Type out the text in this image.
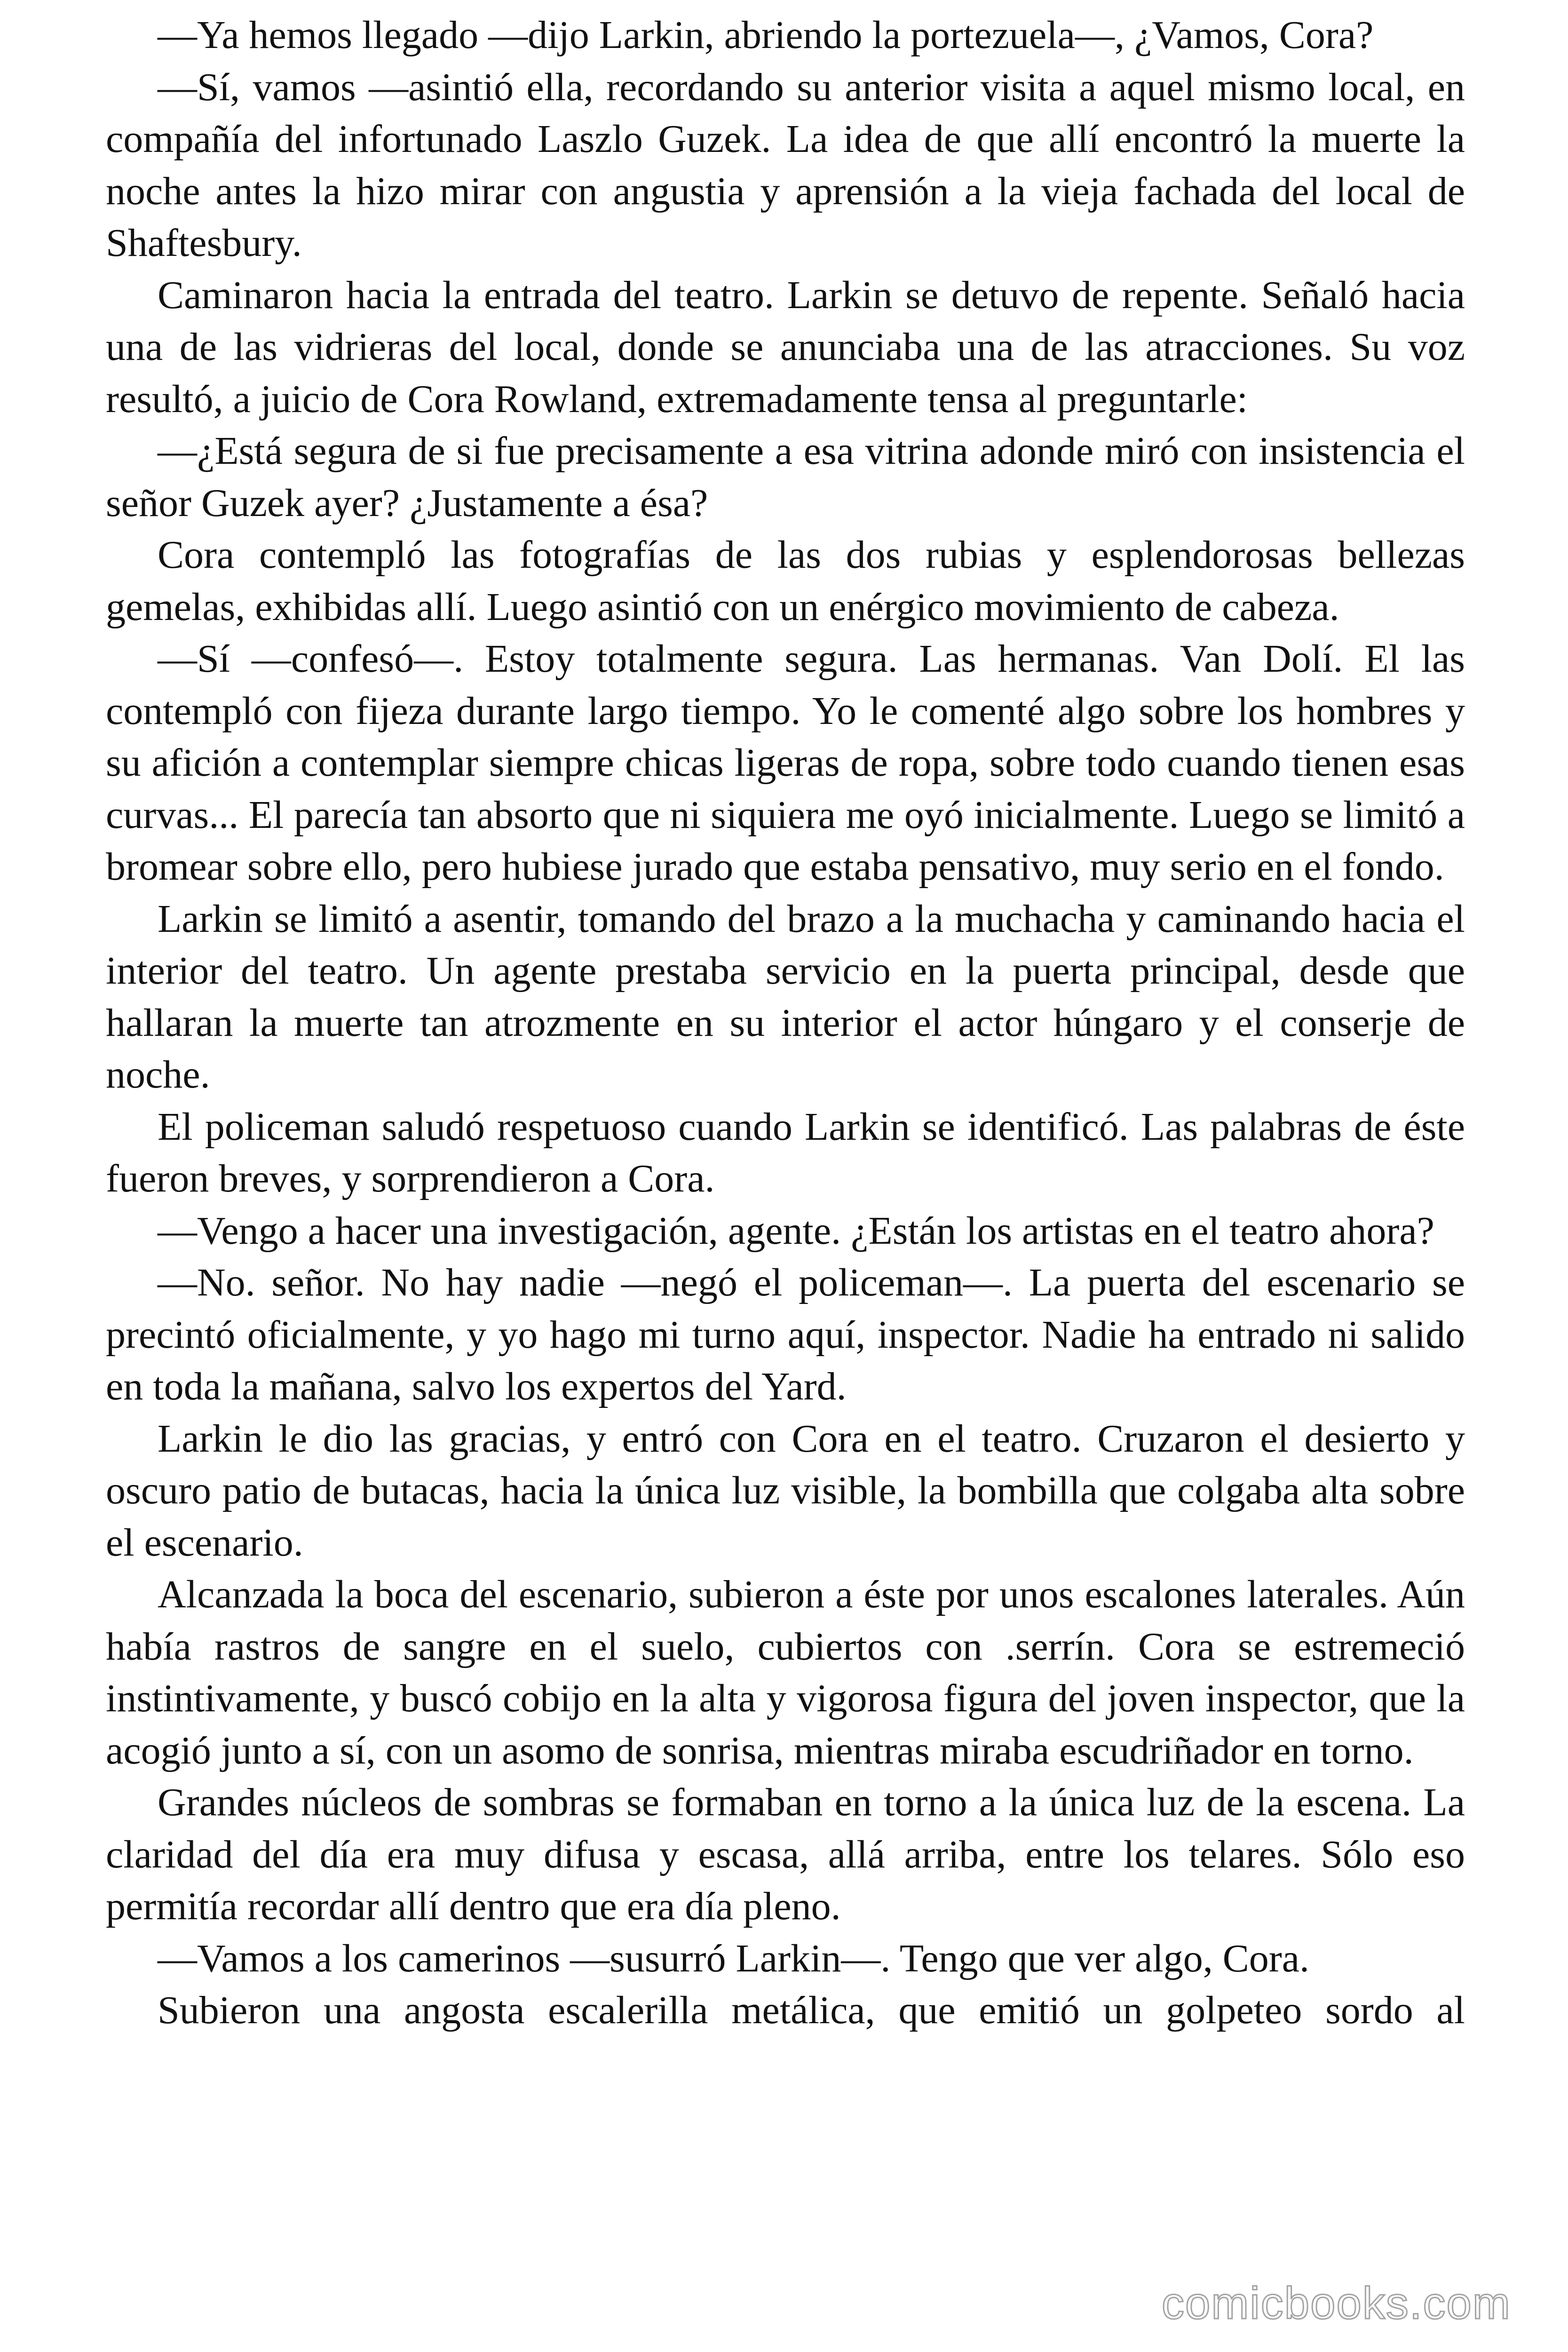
—Ya hemos llegado —dijo Larkin, abriendo la portezuela—, ¿Vamos, Cora?

—Sí, vamos —asintió ella, recordando su anterior visita a aquel mismo local, en compañía del infortunado Laszlo Guzek. La idea de que allí encontró la muerte la noche antes la hizo mirar con angustia y aprensión a la vieja fachada del local de Shaftesbury.

Caminaron hacia la entrada del teatro. Larkin se detuvo de repente. Señaló hacia una de las vidrieras del local, donde se anunciaba una de las atracciones. Su voz resultó, a juicio de Cora Rowland, extremadamente tensa al preguntarle:

—¿Está segura de si fue precisamente a esa vitrina adonde miró con insistencia el señor Guzek ayer? ¿Justamente a ésa?

Cora contempló las fotografías de las dos rubias y esplendorosas bellezas gemelas, exhibidas allí. Luego asintió con un enérgico movimiento de cabeza.

—Sí —confesó—. Estoy totalmente segura. Las hermanas. Van Dolí. El las contempló con fijeza durante largo tiempo. Yo le comenté algo sobre los hombres y su afición a contemplar siempre chicas ligeras de ropa, sobre todo cuando tienen esas curvas... El parecía tan absorto que ni siquiera me oyó inicialmente. Luego se limitó a bromear sobre ello, pero hubiese jurado que estaba pensativo, muy serio en el fondo.

Larkin se limitó a asentir, tomando del brazo a la muchacha y caminando hacia el interior del teatro. Un agente prestaba servicio en la puerta principal, desde que hallaran la muerte tan atrozmente en su interior el actor húngaro y el conserje de noche.

El policeman saludó respetuoso cuando Larkin se identificó. Las palabras de éste fueron breves, y sorprendieron a Cora.

—Vengo a hacer una investigación, agente. ¿Están los artistas en el teatro ahora?

—No. señor. No hay nadie —negó el policeman—. La puerta del escenario se precintó oficialmente, y yo hago mi turno aquí, inspector. Nadie ha entrado ni salido en toda la mañana, salvo los expertos del Yard.

Larkin le dio las gracias, y entró con Cora en el teatro. Cruzaron el desierto y oscuro patio de butacas, hacia la única luz visible, la bombilla que colgaba alta sobre el escenario.

Alcanzada la boca del escenario, subieron a éste por unos escalones laterales. Aún había rastros de sangre en el suelo, cubiertos con .serrín. Cora se estremeció instintivamente, y buscó cobijo en la alta y vigorosa figura del joven inspector, que la acogió junto a sí, con un asomo de sonrisa, mientras miraba escudriñador en torno.

Grandes núcleos de sombras se formaban en torno a la única luz de la escena. La claridad del día era muy difusa y escasa, allá arriba, entre los telares. Sólo eso permitía recordar allí dentro que era día pleno.

—Vamos a los camerinos —susurró Larkin—. Tengo que ver algo, Cora.

Subieron una angosta escalerilla metálica, que emitió un golpeteo sordo al

comicbooks.com
